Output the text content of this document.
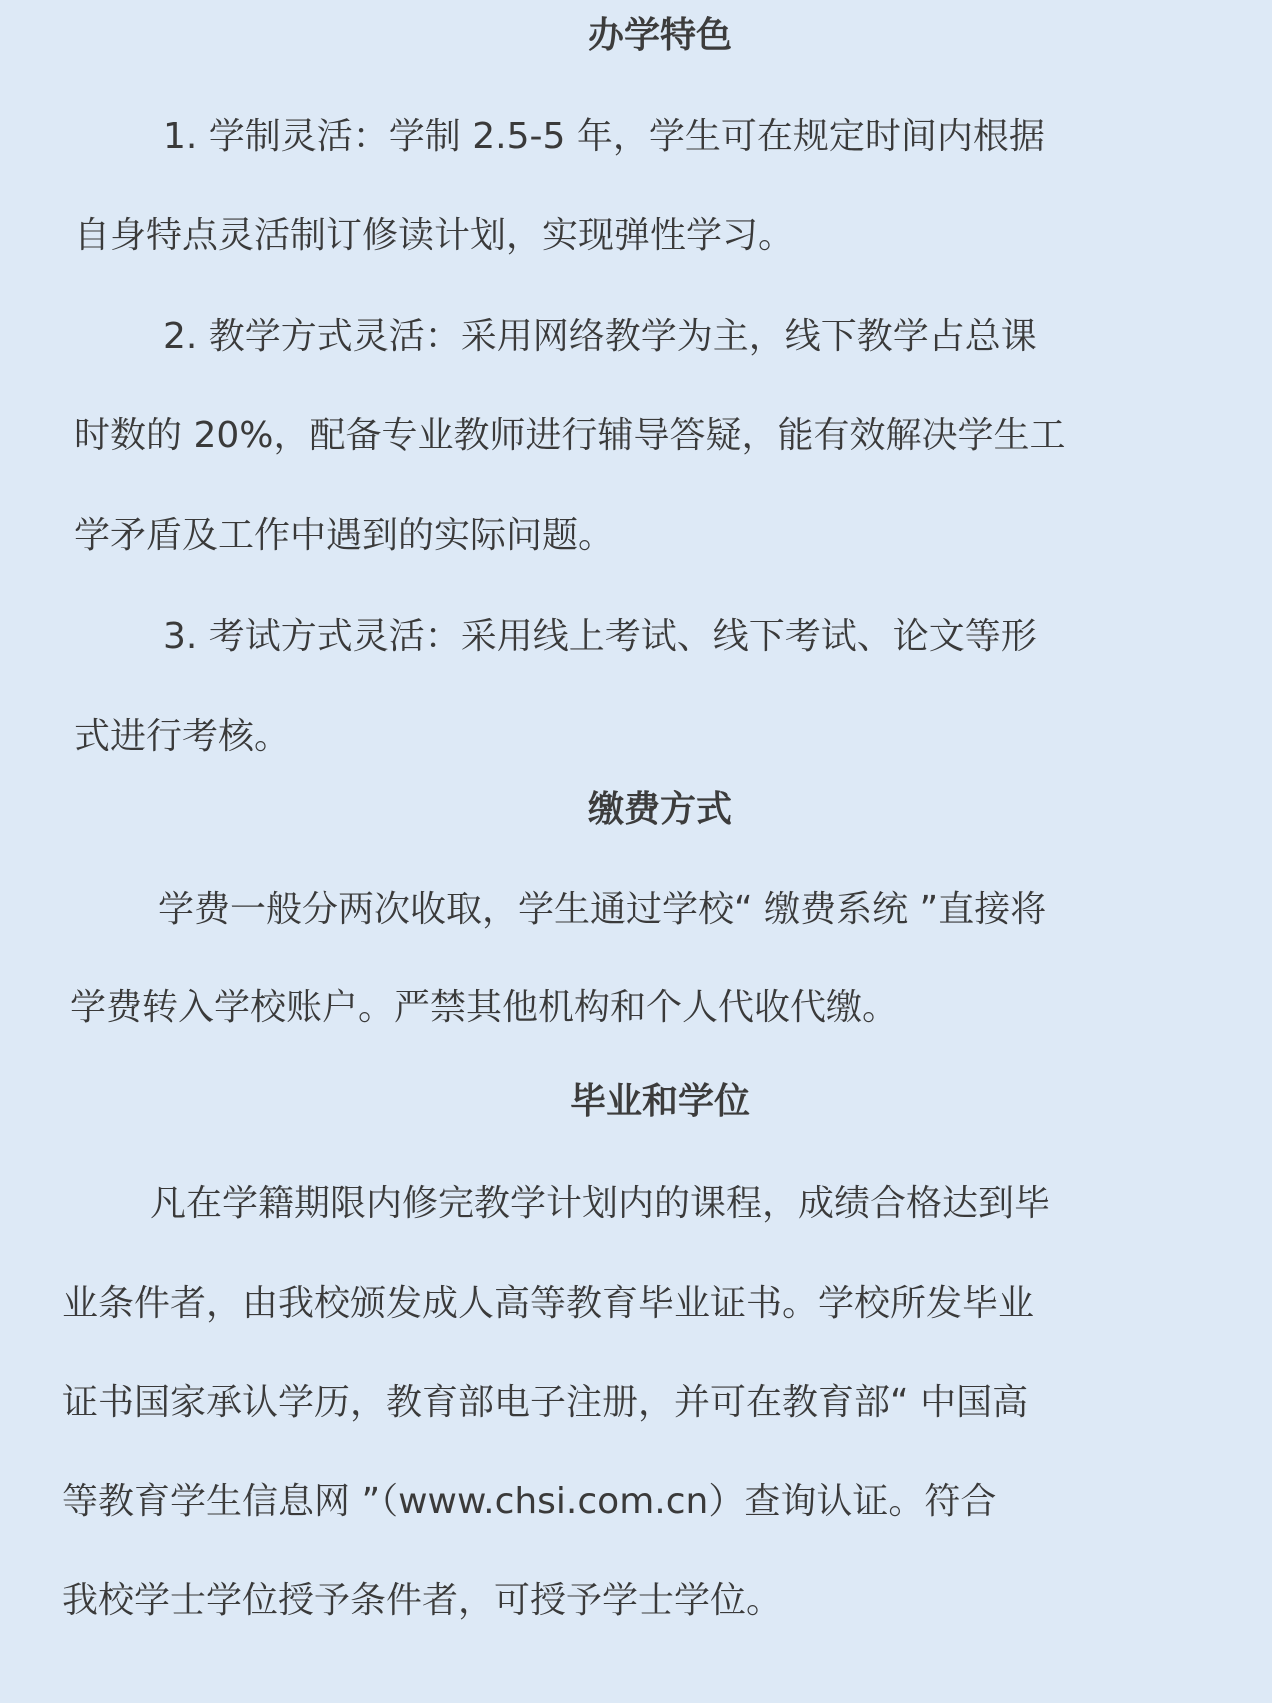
办学特色
1. 学制灵活：学制 2.5-5 年，学生可在规定时间内根据
自身特点灵活制订修读计划，实现弹性学习。
2. 教学方式灵活：采用网络教学为主，线下教学占总课
时数的 20%，配备专业教师进行辅导答疑，能有效解决学生工
学矛盾及工作中遇到的实际问题。
3. 考试方式灵活：采用线上考试、线下考试、论文等形
式进行考核。
缴费方式
学费一般分两次收取，学生通过学校“ 缴费系统 ”直接将
学费转入学校账户。严禁其他机构和个人代收代缴。
毕业和学位
凡在学籍期限内修完教学计划内的课程，成绩合格达到毕
业条件者，由我校颁发成人高等教育毕业证书。学校所发毕业
证书国家承认学历，教育部电子注册，并可在教育部“ 中国高
等教育学生信息网 ”（www.chsi.com.cn）查询认证。符合
我校学士学位授予条件者，可授予学士学位。
